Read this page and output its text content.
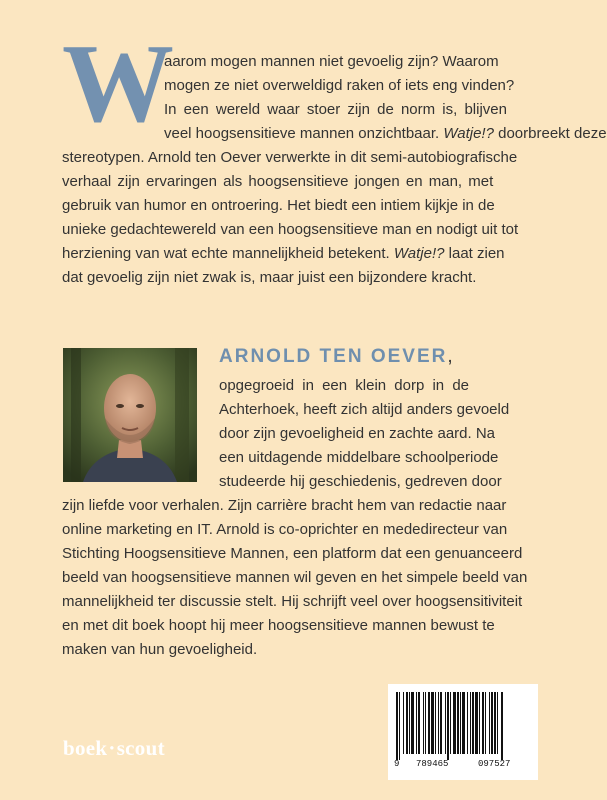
W
aarom mogen mannen niet gevoelig zijn? Waarom
mogen ze niet overweldigd raken of iets eng vinden?
In een wereld waar stoer zijn de norm is, blijven
veel hoogsensitieve mannen onzichtbaar. Watje!? doorbreekt deze
stereotypen. Arnold ten Oever verwerkte in dit semi-autobiografische
verhaal zijn ervaringen als hoogsensitieve jongen en man, met
gebruik van humor en ontroering. Het biedt een intiem kijkje in de
unieke gedachtewereld van een hoogsensitieve man en nodigt uit tot
herziening van wat echte mannelijkheid betekent. Watje!? laat zien
dat gevoelig zijn niet zwak is, maar juist een bijzondere kracht.
ARNOLD TEN OEVER,
opgegroeid in een klein dorp in de
Achterhoek, heeft zich altijd anders gevoeld
door zijn gevoeligheid en zachte aard. Na
een uitdagende middelbare schoolperiode
studeerde hij geschiedenis, gedreven door
zijn liefde voor verhalen. Zijn carrière bracht hem van redactie naar
online marketing en IT. Arnold is co-oprichter en mededirecteur van
Stichting Hoogsensitieve Mannen, een platform dat een genuanceerd
beeld van hoogsensitieve mannen wil geven en het simpele beeld van
mannelijkheid ter discussie stelt. Hij schrijft veel over hoogsensitiviteit
en met dit boek hoopt hij meer hoogsensitieve mannen bewust te
maken van hun gevoeligheid.
9 789465	097527
boek·scout
